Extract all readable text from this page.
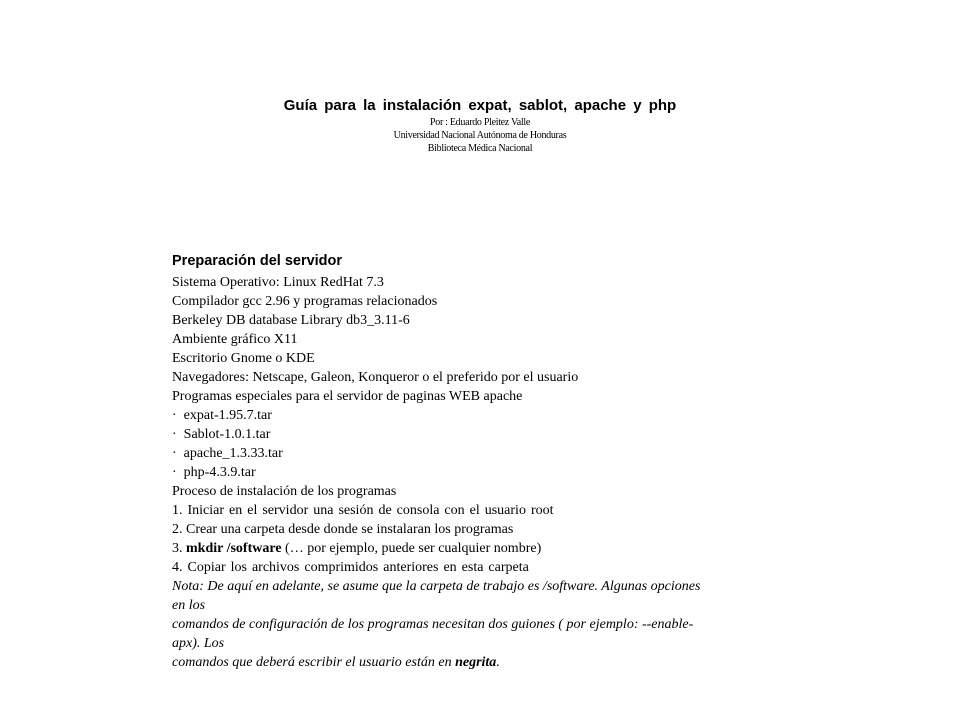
Guía para la instalación expat, sablot, apache y php
Por : Eduardo Pleitez Valle
Universidad Nacional Autónoma de Honduras
Biblioteca Médica Nacional
Preparación del servidor
Sistema Operativo: Linux RedHat 7.3
Compilador gcc 2.96 y programas relacionados
Berkeley DB database Library db3_3.11-6
Ambiente gráfico X11
Escritorio Gnome o KDE
Navegadores: Netscape, Galeon, Konqueror o el preferido por el usuario
Programas especiales para el servidor de paginas WEB apache
· expat-1.95.7.tar
· Sablot-1.0.1.tar
· apache_1.3.33.tar
· php-4.3.9.tar
Proceso de instalación de los programas
1. Iniciar en el servidor una sesión de consola con el usuario root
2. Crear una carpeta desde donde se instalaran los programas
3. mkdir /software (… por ejemplo, puede ser cualquier nombre)
4. Copiar los archivos comprimidos anteriores en esta carpeta
Nota: De aquí en adelante, se asume que la carpeta de trabajo es /software. Algunas opciones
en los
comandos de configuración de los programas necesitan dos guiones ( por ejemplo: --enable-
apx). Los
comandos que deberá escribir el usuario están en negrita.
